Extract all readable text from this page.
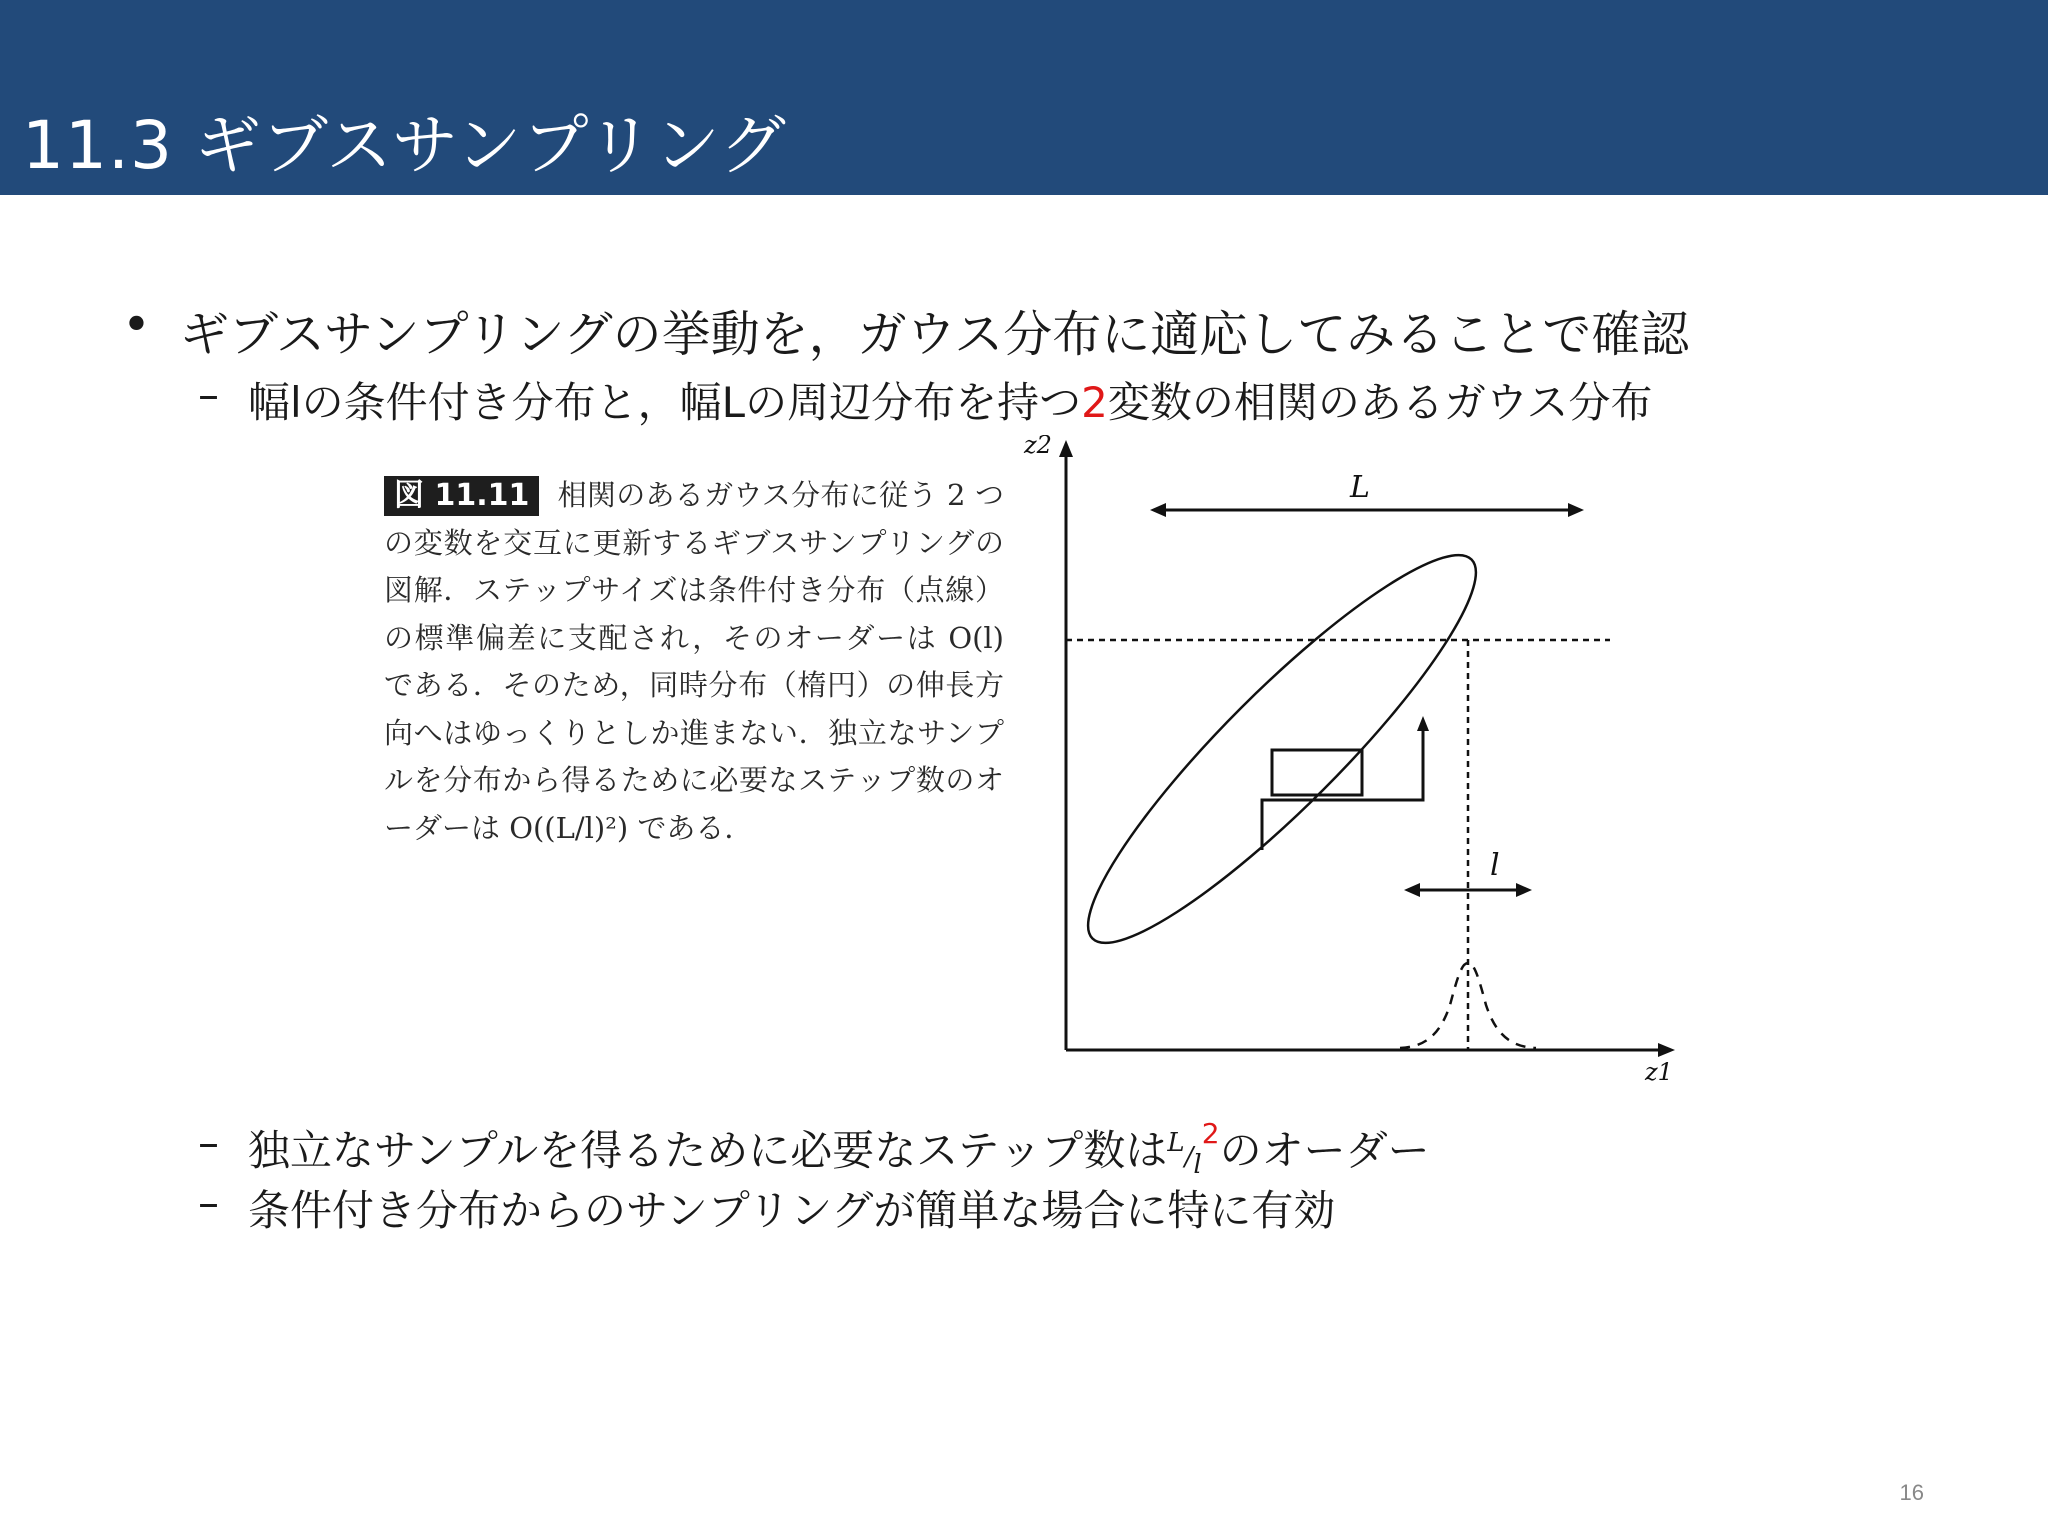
11.3 ギブスサンプリング
• ギブスサンプリングの挙動を，ガウス分布に適応してみることで確認
– 幅lの条件付き分布と，幅Lの周辺分布を持つ2変数の相関のあるガウス分布
図 11.11 相関のあるガウス分布に従う 2 つの変数を交互に更新するギブスサンプリングの図解．ステップサイズは条件付き分布（点線）の標準偏差に支配され，そのオーダーは O(l) である．そのため，同時分布（楕円）の伸長方向へはゆっくりとしか進まない．独立なサンプルを分布から得るために必要なステップ数のオーダーは O((L/l)²) である．
z2
z1
L
l
– 独立なサンプルを得るために必要なステップ数は$L/l^2$のオーダー
– 条件付き分布からのサンプリングが簡単な場合に特に有効
16
